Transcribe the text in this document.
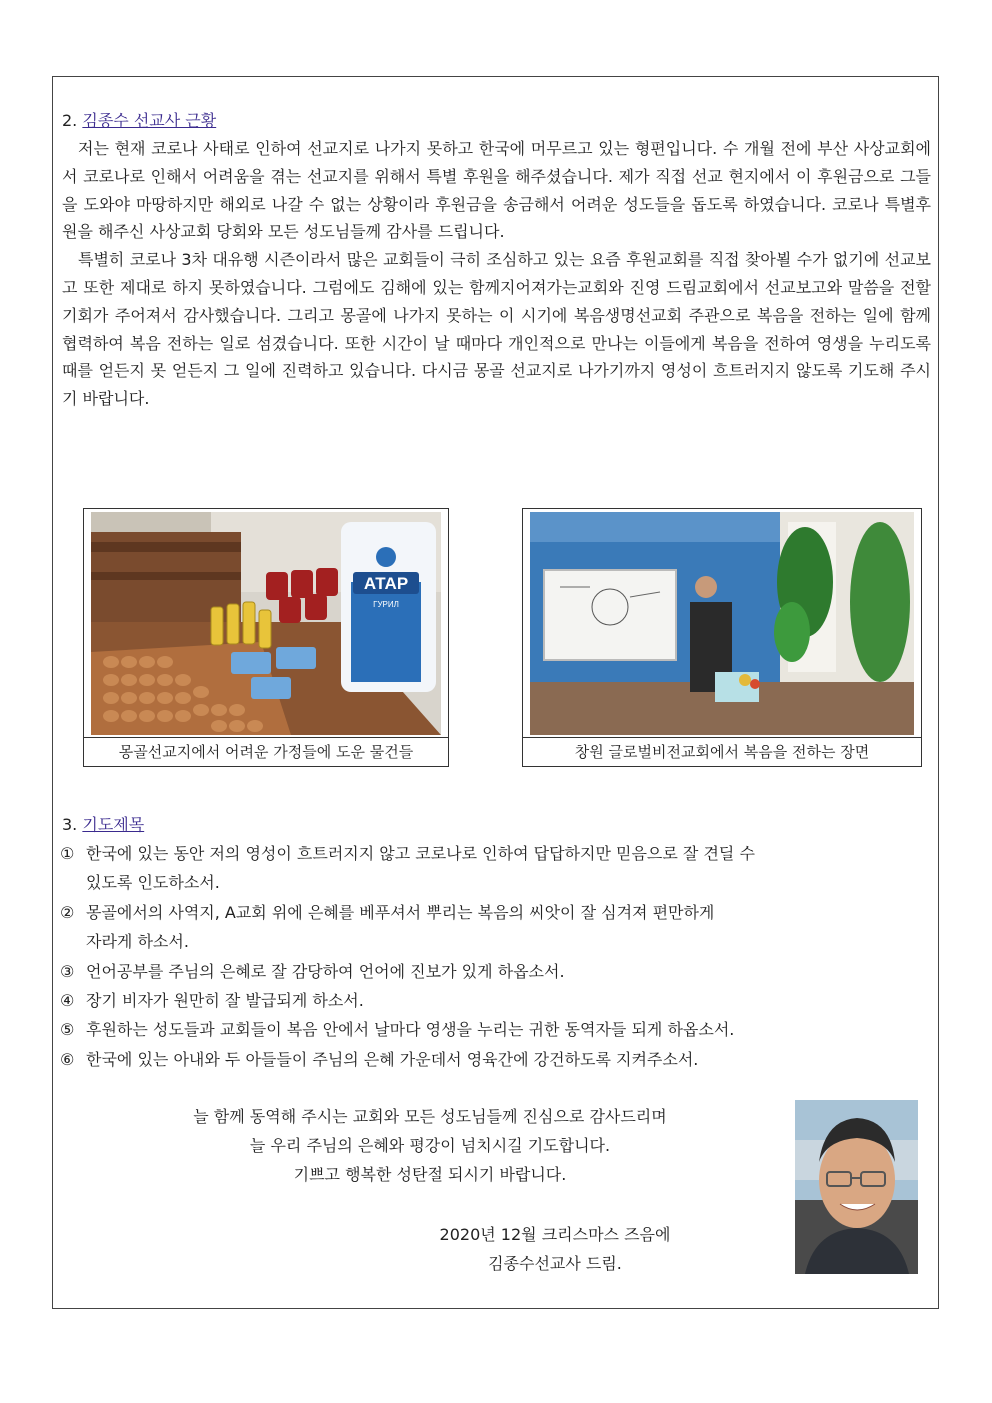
2. 김종수 선교사 근황

저는 현재 코로나 사태로 인하여 선교지로 나가지 못하고 한국에 머무르고 있는 형편입니다. 수 개월 전에 부산 사상교회에서 코로나로 인해서 어려움을 겪는 선교지를 위해서 특별 후원을 해주셨습니다. 제가 직접 선교 현지에서 이 후원금으로 그들을 도와야 마땅하지만 해외로 나갈 수 없는 상황이라 후원금을 송금해서 어려운 성도들을 돕도록 하였습니다. 코로나 특별후원을 해주신 사상교회 당회와 모든 성도님들께 감사를 드립니다.

특별히 코로나 3차 대유행 시즌이라서 많은 교회들이 극히 조심하고 있는 요즘 후원교회를 직접 찾아뵐 수가 없기에 선교보고 또한 제대로 하지 못하였습니다. 그럼에도 김해에 있는 함께지어져가는교회와 진영 드림교회에서 선교보고와 말씀을 전할 기회가 주어져서 감사했습니다. 그리고 몽골에 나가지 못하는 이 시기에 복음생명선교회 주관으로 복음을 전하는 일에 함께 협력하여 복음 전하는 일로 섬겼습니다. 또한 시간이 날 때마다 개인적으로 만나는 이들에게 복음을 전하여 영생을 누리도록 때를 얻든지 못 얻든지 그 일에 진력하고 있습니다. 다시금 몽골 선교지로 나가기까지 영성이 흐트러지지 않도록 기도해 주시기 바랍니다.

АТАР
ГУРИЛ
몽골선교지에서 어려운 가정들에 도운 물건들	창원 글로벌비전교회에서 복음을 전하는 장면
3. 기도제목
① 한국에 있는 동안 저의 영성이 흐트러지지 않고 코로나로 인하여 답답하지만 믿음으로 잘 견딜 수
있도록 인도하소서.
② 몽골에서의 사역지, A교회 위에 은혜를 베푸셔서 뿌리는 복음의 씨앗이 잘 심겨져 편만하게
자라게 하소서.
③ 언어공부를 주님의 은혜로 잘 감당하여 언어에 진보가 있게 하옵소서.
④ 장기 비자가 원만히 잘 발급되게 하소서.
⑤ 후원하는 성도들과 교회들이 복음 안에서 날마다 영생을 누리는 귀한 동역자들 되게 하옵소서.
⑥ 한국에 있는 아내와 두 아들들이 주님의 은혜 가운데서 영육간에 강건하도록 지켜주소서.
늘 함께 동역해 주시는 교회와 모든 성도님들께 진심으로 감사드리며
늘 우리 주님의 은혜와 평강이 넘치시길 기도합니다.
기쁘고 행복한 성탄절 되시기 바랍니다.
2020년 12월 크리스마스 즈음에
김종수선교사 드림.
